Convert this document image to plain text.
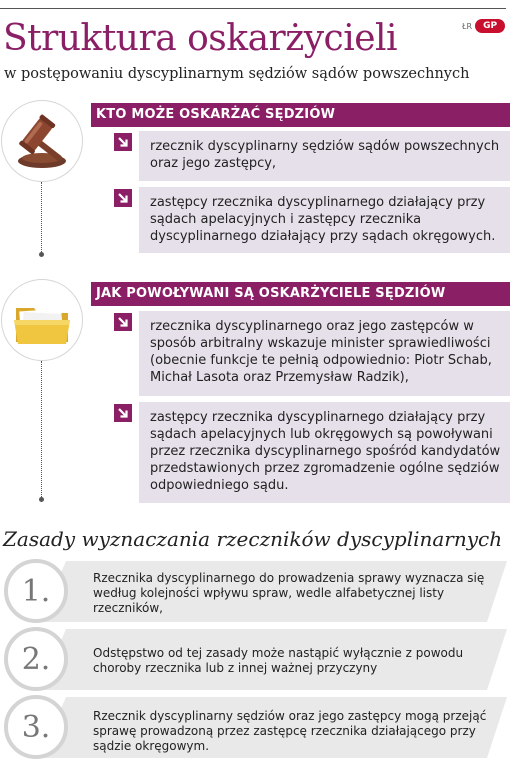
ŁR	GP
Struktura oskarżycieli
w postępowaniu dyscyplinarnym sędziów sądów powszechnych
KTO MOŻE OSKARŻAĆ SĘDZIÓW
rzecznik dyscyplinarny sędziów sądów powszechnych oraz jego zastępcy,
zastępcy rzecznika dyscyplinarnego działający przy sądach apelacyjnych i zastępcy rzecznika dyscyplinarnego działający przy sądach okręgowych.
JAK POWOŁYWANI SĄ OSKARŻYCIELE SĘDZIÓW
rzecznika dyscyplinarnego oraz jego zastępców w sposób arbitralny wskazuje minister sprawiedliwości (obecnie funkcje te pełnią odpowiednio: Piotr Schab, Michał Lasota oraz Przemysław Radzik),
zastępcy rzecznika dyscyplinarnego działający przy sądach apelacyjnych lub okręgowych są powoływani przez rzecznika dyscyplinarnego spośród kandydatów przedstawionych przez zgromadzenie ogólne sędziów odpowiedniego sądu.
Zasady wyznaczania rzeczników dyscyplinarnych
Rzecznika dyscyplinarnego do prowadzenia sprawy wyznacza się według kolejności wpływu spraw, wedle alfabetycznej listy rzeczników,
1.
Odstępstwo od tej zasady może nastąpić wyłącznie z powodu choroby rzecznika lub z innej ważnej przyczyny
2.
Rzecznik dyscyplinarny sędziów oraz jego zastępcy mogą przejąć sprawę prowadzoną przez zastępcę rzecznika działającego przy sądzie okręgowym.
3.
